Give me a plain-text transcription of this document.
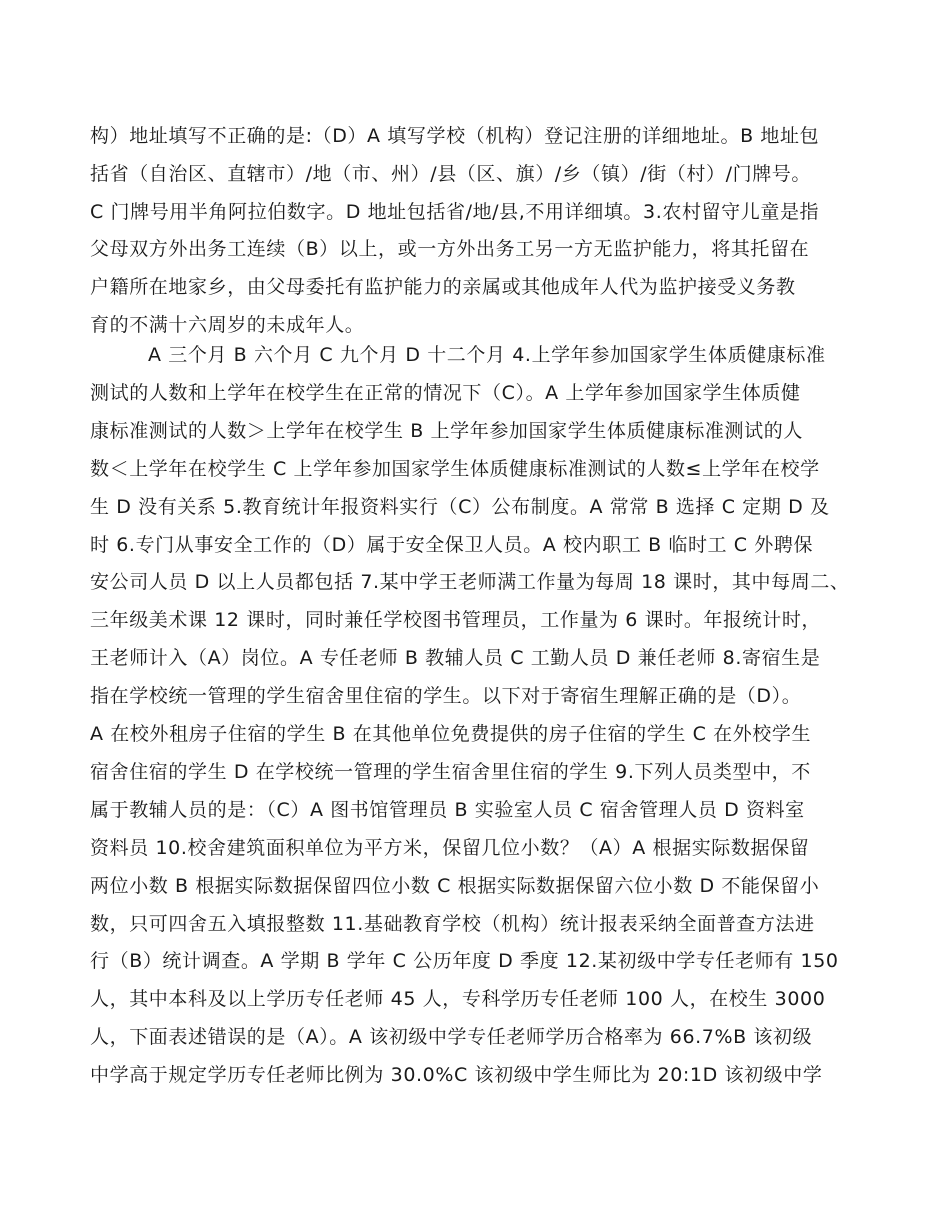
构）地址填写不正确的是:（D）A 填写学校（机构）登记注册的详细地址。B 地址包
括省（自治区、直辖市）/地（市、州）/县（区、旗）/乡（镇）/街（村）/门牌号。
C 门牌号用半角阿拉伯数字。D 地址包括省/地/县,不用详细填。3.农村留守儿童是指
父母双方外出务工连续（B）以上，或一方外出务工另一方无监护能力，将其托留在
户籍所在地家乡，由父母委托有监护能力的亲属或其他成年人代为监护接受义务教
育的不满十六周岁的未成年人。
A 三个月 B 六个月 C 九个月 D 十二个月 4.上学年参加国家学生体质健康标准
测试的人数和上学年在校学生在正常的情况下（C）。A 上学年参加国家学生体质健
康标准测试的人数＞上学年在校学生 B 上学年参加国家学生体质健康标准测试的人
数＜上学年在校学生 C 上学年参加国家学生体质健康标准测试的人数≤上学年在校学
生 D 没有关系 5.教育统计年报资料实行（C）公布制度。A 常常 B 选择 C 定期 D 及
时 6.专门从事安全工作的（D）属于安全保卫人员。A 校内职工 B 临时工 C 外聘保
安公司人员 D 以上人员都包括 7.某中学王老师满工作量为每周 18 课时，其中每周二、
三年级美术课 12 课时，同时兼任学校图书管理员，工作量为 6 课时。年报统计时，
王老师计入（A）岗位。A 专任老师 B 教辅人员 C 工勤人员 D 兼任老师 8.寄宿生是
指在学校统一管理的学生宿舍里住宿的学生。以下对于寄宿生理解正确的是（D）。
A 在校外租房子住宿的学生 B 在其他单位免费提供的房子住宿的学生 C 在外校学生
宿舍住宿的学生 D 在学校统一管理的学生宿舍里住宿的学生 9.下列人员类型中，不
属于教辅人员的是：（C）A 图书馆管理员 B 实验室人员 C 宿舍管理人员 D 资料室
资料员 10.校舍建筑面积单位为平方米，保留几位小数？（A）A 根据实际数据保留
两位小数 B 根据实际数据保留四位小数 C 根据实际数据保留六位小数 D 不能保留小
数，只可四舍五入填报整数 11.基础教育学校（机构）统计报表采纳全面普查方法进
行（B）统计调查。A 学期 B 学年 C 公历年度 D 季度 12.某初级中学专任老师有 150
人，其中本科及以上学历专任老师 45 人，专科学历专任老师 100 人，在校生 3000
人，下面表述错误的是（A）。A 该初级中学专任老师学历合格率为 66.7%B 该初级
中学高于规定学历专任老师比例为 30.0%C 该初级中学生师比为 20:1D 该初级中学
